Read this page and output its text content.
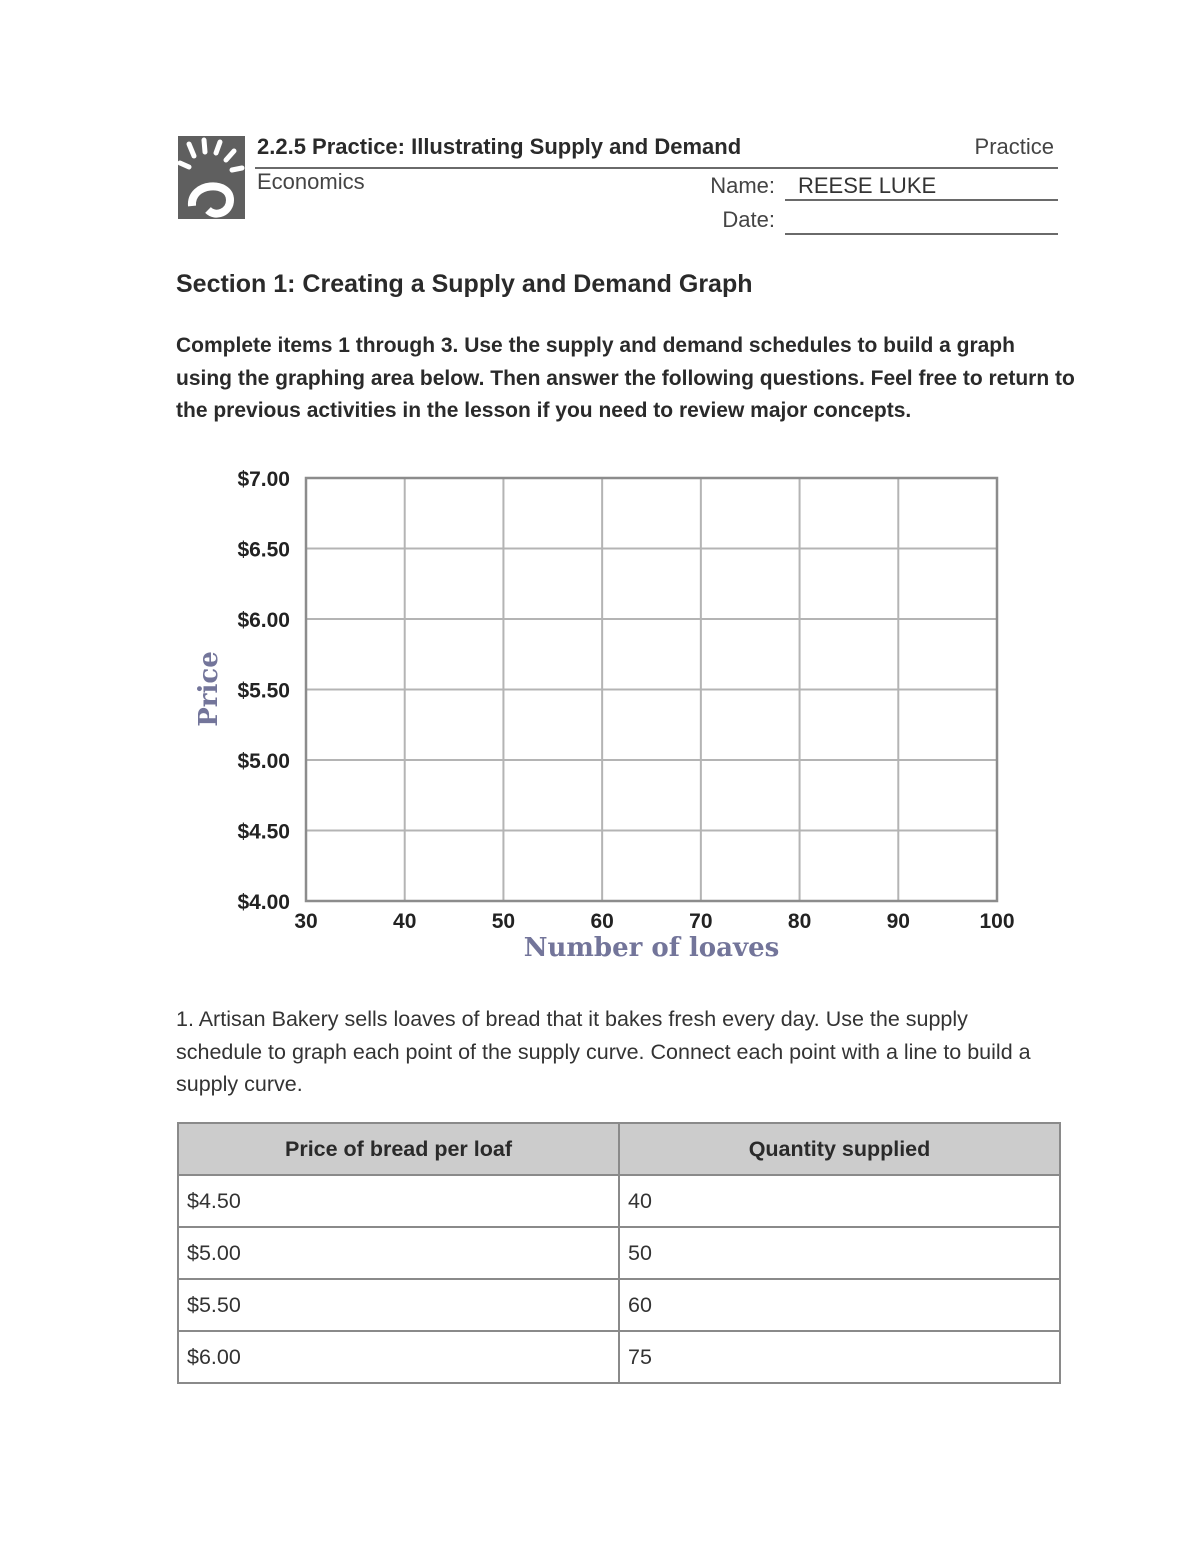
2.2.5 Practice: Illustrating Supply and Demand	Practice
Economics	Name: REESE LUKE
Date:
Section 1: Creating a Supply and Demand Graph
Complete items 1 through 3. Use the supply and demand schedules to build a graph using the graphing area below. Then answer the following questions. Feel free to return to the previous activities in the lesson if you need to review major concepts.
30	40	50	60	70	80	90	100
$4.00
$4.50
$5.00
$5.50
$6.00
$6.50
$7.00
Number of loaves
Price
1. Artisan Bakery sells loaves of bread that it bakes fresh every day. Use the supply schedule to graph each point of the supply curve. Connect each point with a line to build a supply curve.
Price of bread per loaf	Quantity supplied
$4.50	40
$5.00	50
$5.50	60
$6.00	75
